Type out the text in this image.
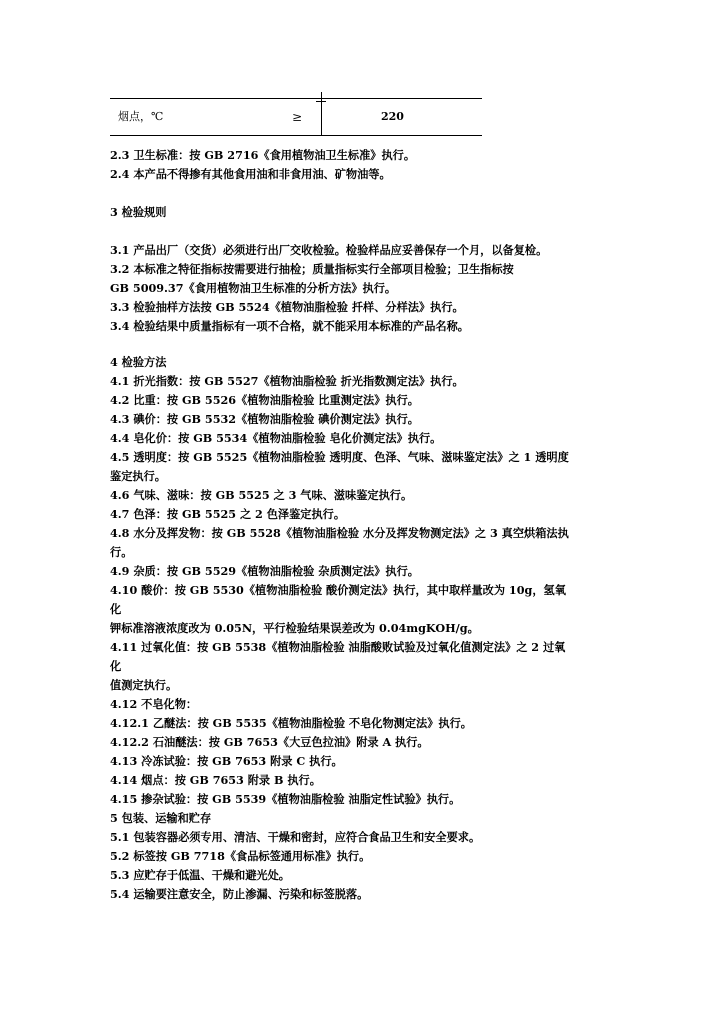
烟点，℃	≥	220
2.3 卫生标准：按 GB 2716《食用植物油卫生标准》执行。
2.4 本产品不得掺有其他食用油和非食用油、矿物油等。
3 检验规则
3.1 产品出厂（交货）必须进行出厂交收检验。检验样品应妥善保存一个月，以备复检。
3.2 本标准之特征指标按需要进行抽检；质量指标实行全部项目检验；卫生指标按
GB 5009.37《食用植物油卫生标准的分析方法》执行。
3.3 检验抽样方法按 GB 5524《植物油脂检验 扦样、分样法》执行。
3.4 检验结果中质量指标有一项不合格，就不能采用本标准的产品名称。
4 检验方法
4.1 折光指数：按 GB 5527《植物油脂检验 折光指数测定法》执行。
4.2 比重：按 GB 5526《植物油脂检验 比重测定法》执行。
4.3 碘价：按 GB 5532《植物油脂检验 碘价测定法》执行。
4.4 皂化价：按 GB 5534《植物油脂检验 皂化价测定法》执行。
4.5 透明度：按 GB 5525《植物油脂检验 透明度、色泽、气味、滋味鉴定法》之 1 透明度
鉴定执行。
4.6 气味、滋味：按 GB 5525 之 3 气味、滋味鉴定执行。
4.7 色泽：按 GB 5525 之 2 色泽鉴定执行。
4.8 水分及挥发物：按 GB 5528《植物油脂检验 水分及挥发物测定法》之 3 真空烘箱法执
行。
4.9 杂质：按 GB 5529《植物油脂检验 杂质测定法》执行。
4.10 酸价：按 GB 5530《植物油脂检验 酸价测定法》执行，其中取样量改为 10g，氢氧
化
钾标准溶液浓度改为 0.05N，平行检验结果误差改为 0.04mgKOH/g。
4.11 过氧化值：按 GB 5538《植物油脂检验 油脂酸败试验及过氧化值测定法》之 2 过氧
化
值测定执行。
4.12 不皂化物：
4.12.1 乙醚法：按 GB 5535《植物油脂检验 不皂化物测定法》执行。
4.12.2 石油醚法：按 GB 7653《大豆色拉油》附录 A 执行。
4.13 冷冻试验：按 GB 7653 附录 C 执行。
4.14 烟点：按 GB 7653 附录 B 执行。
4.15 掺杂试验：按 GB 5539《植物油脂检验 油脂定性试验》执行。
5 包装、运输和贮存
5.1 包装容器必须专用、清洁、干燥和密封，应符合食品卫生和安全要求。
5.2 标签按 GB 7718《食品标签通用标准》执行。
5.3 应贮存于低温、干燥和避光处。
5.4 运输要注意安全，防止渗漏、污染和标签脱落。
